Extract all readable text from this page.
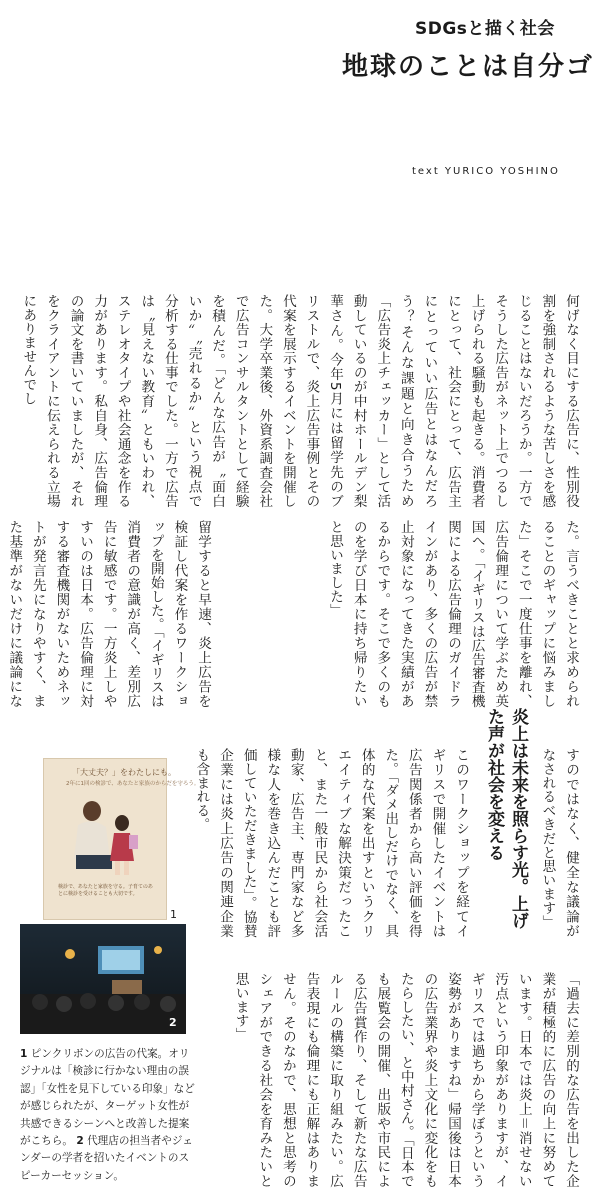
SDGsと描く社会
地球のことは自分ゴ
text YURICO YOSHINO
何げなく目にする広告に、性別役割を強制されるような苦しさを感じることはないだろうか。一方でそうした広告がネット上でつるし上げられる騒動も起きる。消費者にとって、社会にとって、広告主にとっていい広告とはなんだろう？そんな課題と向き合うため「広告炎上チェッカー」として活動しているのが中村ホールデン梨華さん。今年5月には留学先のブリストルで、炎上広告事例とその代案を展示するイベントを開催した。大学卒業後、外資系調査会社で広告コンサルタントとして経験を積んだ。「どんな広告が〝面白いか〟〝売れるか〟という視点で分析する仕事でした。一方で広告は〝見えない教育〟ともいわれ、ステレオタイプや社会通念を作る力があります。私自身、広告倫理の論文を書いていましたが、それをクライアントに伝えられる立場にありませんでし
た。言うべきことと求められることのギャップに悩みました」そこで一度仕事を離れ、広告倫理について学ぶため英国へ。「イギリスは広告審査機関による広告倫理のガイドラインがあり、多くの広告が禁止対象になってきた実績があるからです。そこで多くのものを学び日本に持ち帰りたいと思いました」
留学すると早速、炎上広告を検証し代案を作るワークショップを開始した。「イギリスは消費者の意識が高く、差別広告に敏感です。一方炎上しやすいのは日本。広告倫理に対する審査機関がないためネットが発言先になりやすく、また基準がないだけに議論にな
すのではなく、健全な議論がなされるべきだと思います」
炎上は未来を照らす光。上げた声が社会を変える
このワークショップを経てイギリスで開催したイベントは広告関係者から高い評価を得た。「ダメ出しだけでなく、具体的な代案を出すというクリエイティブな解決策だったこと、また一般市民から社会活動家、広告主、専門家など多様な人を巻き込んだことも評価していただきました」。協賛企業には炎上広告の関連企業も含まれる。
「過去に差別的な広告を出した企業が積極的に広告の向上に努めています。日本では炎上＝消せない汚点という印象がありますが、イギリスでは過ちから学ぼうという姿勢がありますね」帰国後は日本の広告業界や炎上文化に変化をもたらしたい、と中村さん。「日本でも展覧会の開催、出版や市民による広告賞作り、そして新たな広告ルールの構築に取り組みたい。広告表現にも倫理にも正解はありません。そのなかで、思想と思考のシェアができる社会を育みたいと思います」
「大丈夫？」をわたしにも。
2年に1回の検診で、あなたと家族のからだを守ろう。
検診で、あなたと家族を守る。子育てのあとに検診を受けることも大切です。
1
2
1 ピンクリボンの広告の代案。オリジナルは「検診に行かない理由の誤認」「女性を見下している印象」などが感じられたが、ターゲット女性が共感できるシーンへと改善した提案がこちら。 2 代理店の担当者やジェンダーの学者を招いたイベントのスピーカーセッション。
